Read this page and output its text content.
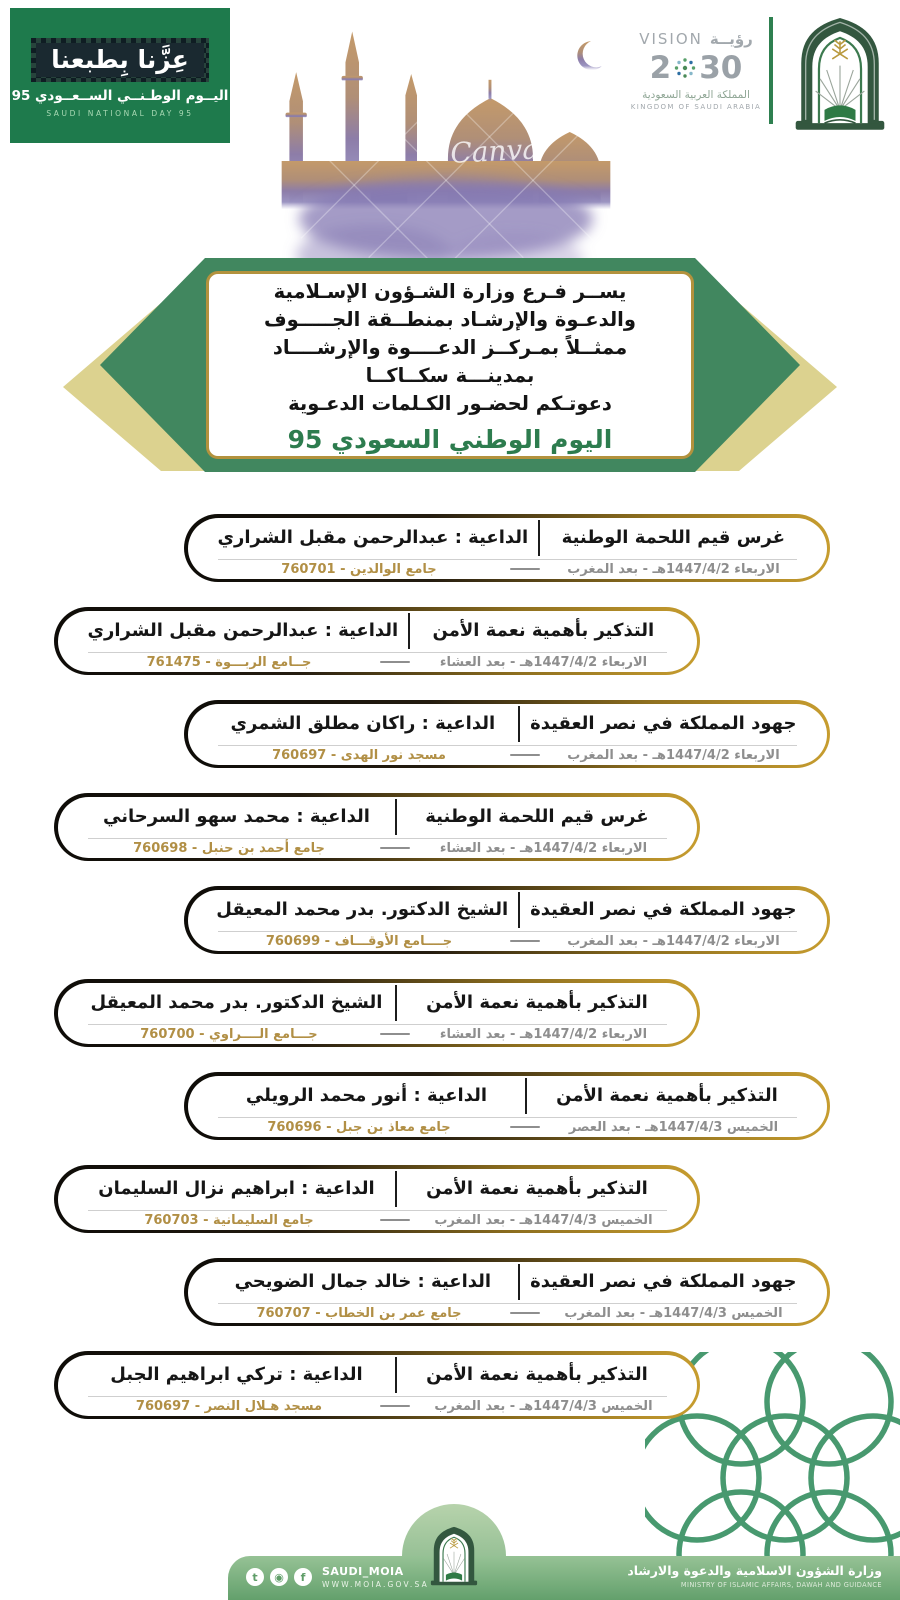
عِزَّنا بِطبعنا
اليــوم الوطـنــي الســعــودي 95
SAUDI NATIONAL DAY 95
Canva
VISION رؤيــة
2 30
المملكة العربية السعودية
KINGDOM OF SAUDI ARABIA
يســر فـرع وزارة الشـؤون الإسـلامية
والدعـوة والإرشـاد بمنطــقة الجـــــوف
ممثــلاً بمـركــز الدعــــوة والإرشــــاد
بمدينـــة سكــاكــا
دعوتـكم لحضـور الكـلمات الدعـوية
اليوم الوطني السعودي 95
غرس قيم اللحمة الوطنية
الداعية : عبدالرحمن مقبل الشراري
الاربعاء 1447/4/2هـ - بعد المغرب
جامع الوالدين - 760701
التذكير بأهمية نعمة الأمن
الداعية : عبدالرحمن مقبل الشراري
الاربعاء 1447/4/2هـ - بعد العشاء
جــامع الربـــوة - 761475
جهود المملكة في نصر العقيدة
الداعية : راكان مطلق الشمري
الاربعاء 1447/4/2هـ - بعد المغرب
مسجد نور الهدى - 760697
غرس قيم اللحمة الوطنية
الداعية : محمد سهو السرحاني
الاربعاء 1447/4/2هـ - بعد العشاء
جامع أحمد بن حنبل - 760698
جهود المملكة في نصر العقيدة
الشيخ الدكتور. بدر محمد المعيقل
الاربعاء 1447/4/2هـ - بعد المغرب
جــــامع الأوقـــاف - 760699
التذكير بأهمية نعمة الأمن
الشيخ الدكتور. بدر محمد المعيقل
الاربعاء 1447/4/2هـ - بعد العشاء
جـــامع الــــراوي - 760700
التذكير بأهمية نعمة الأمن
الداعية : أنور محمد الرويلي
الخميس 1447/4/3هـ - بعد العصر
جامع معاذ بن جبل - 760696
التذكير بأهمية نعمة الأمن
الداعية : ابراهيم نزال السليمان
الخميس 1447/4/3هـ - بعد المغرب
جامع السليمانية - 760703
جهود المملكة في نصر العقيدة
الداعية : خالد جمال الضويحي
الخميس 1447/4/3هـ - بعد المغرب
جامع عمر بن الخطاب - 760707
التذكير بأهمية نعمة الأمن
الداعية : تركي ابراهيم الجبل
الخميس 1447/4/3هـ - بعد المغرب
مسجد هـلال النصر - 760697
t	◉	f	SAUDI_MOIA
WWW.MOIA.GOV.SA
وزارة الشؤون الاسلامية والدعوة والارشاد
MINISTRY OF ISLAMIC AFFAIRS, DAWAH AND GUIDANCE
